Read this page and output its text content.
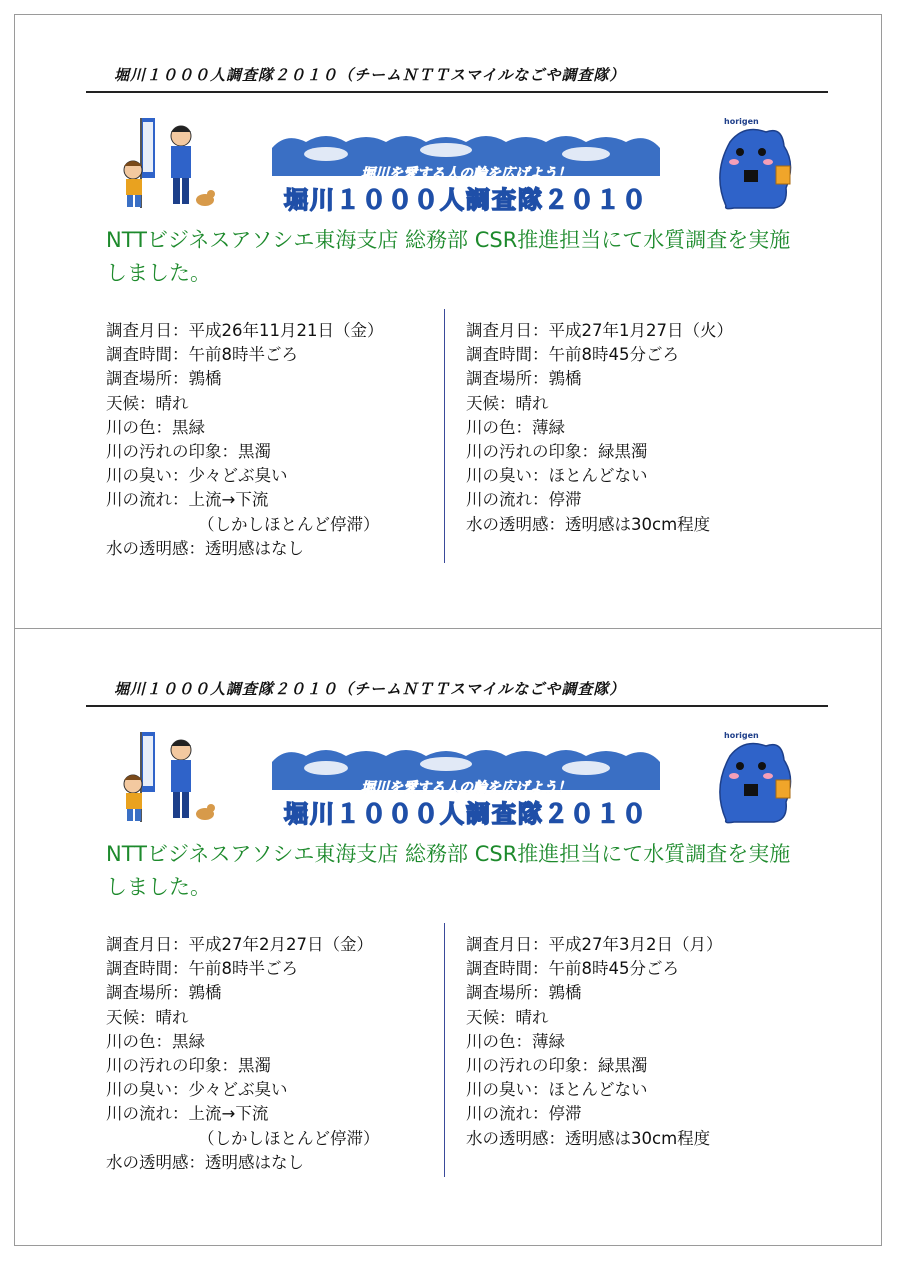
堀川１０００人調査隊２０１０（チームＮＴＴスマイルなごや調査隊）
堀川を愛する人の輪を広げよう！
堀川１０００人調査隊２０１０
horigen
NTTビジネスアソシエ東海支店 総務部 CSR推進担当にて水質調査を実施しました。
調査月日：平成26年11月21日（金）
調査時間：午前8時半ごろ
調査場所：鶉橋
天候：晴れ
川の色：黒緑
川の汚れの印象：黒濁
川の臭い：少々どぶ臭い
川の流れ：上流→下流
（しかしほとんど停滞）
水の透明感：透明感はなし
調査月日：平成27年1月27日（火）
調査時間：午前8時45分ごろ
調査場所：鶉橋
天候：晴れ
川の色：薄緑
川の汚れの印象：緑黒濁
川の臭い：ほとんどない
川の流れ：停滞
水の透明感：透明感は30cm程度
堀川１０００人調査隊２０１０（チームＮＴＴスマイルなごや調査隊）
堀川を愛する人の輪を広げよう！
堀川１０００人調査隊２０１０
horigen
NTTビジネスアソシエ東海支店 総務部 CSR推進担当にて水質調査を実施しました。
調査月日：平成27年2月27日（金）
調査時間：午前8時半ごろ
調査場所：鶉橋
天候：晴れ
川の色：黒緑
川の汚れの印象：黒濁
川の臭い：少々どぶ臭い
川の流れ：上流→下流
（しかしほとんど停滞）
水の透明感：透明感はなし
調査月日：平成27年3月2日（月）
調査時間：午前8時45分ごろ
調査場所：鶉橋
天候：晴れ
川の色：薄緑
川の汚れの印象：緑黒濁
川の臭い：ほとんどない
川の流れ：停滞
水の透明感：透明感は30cm程度
